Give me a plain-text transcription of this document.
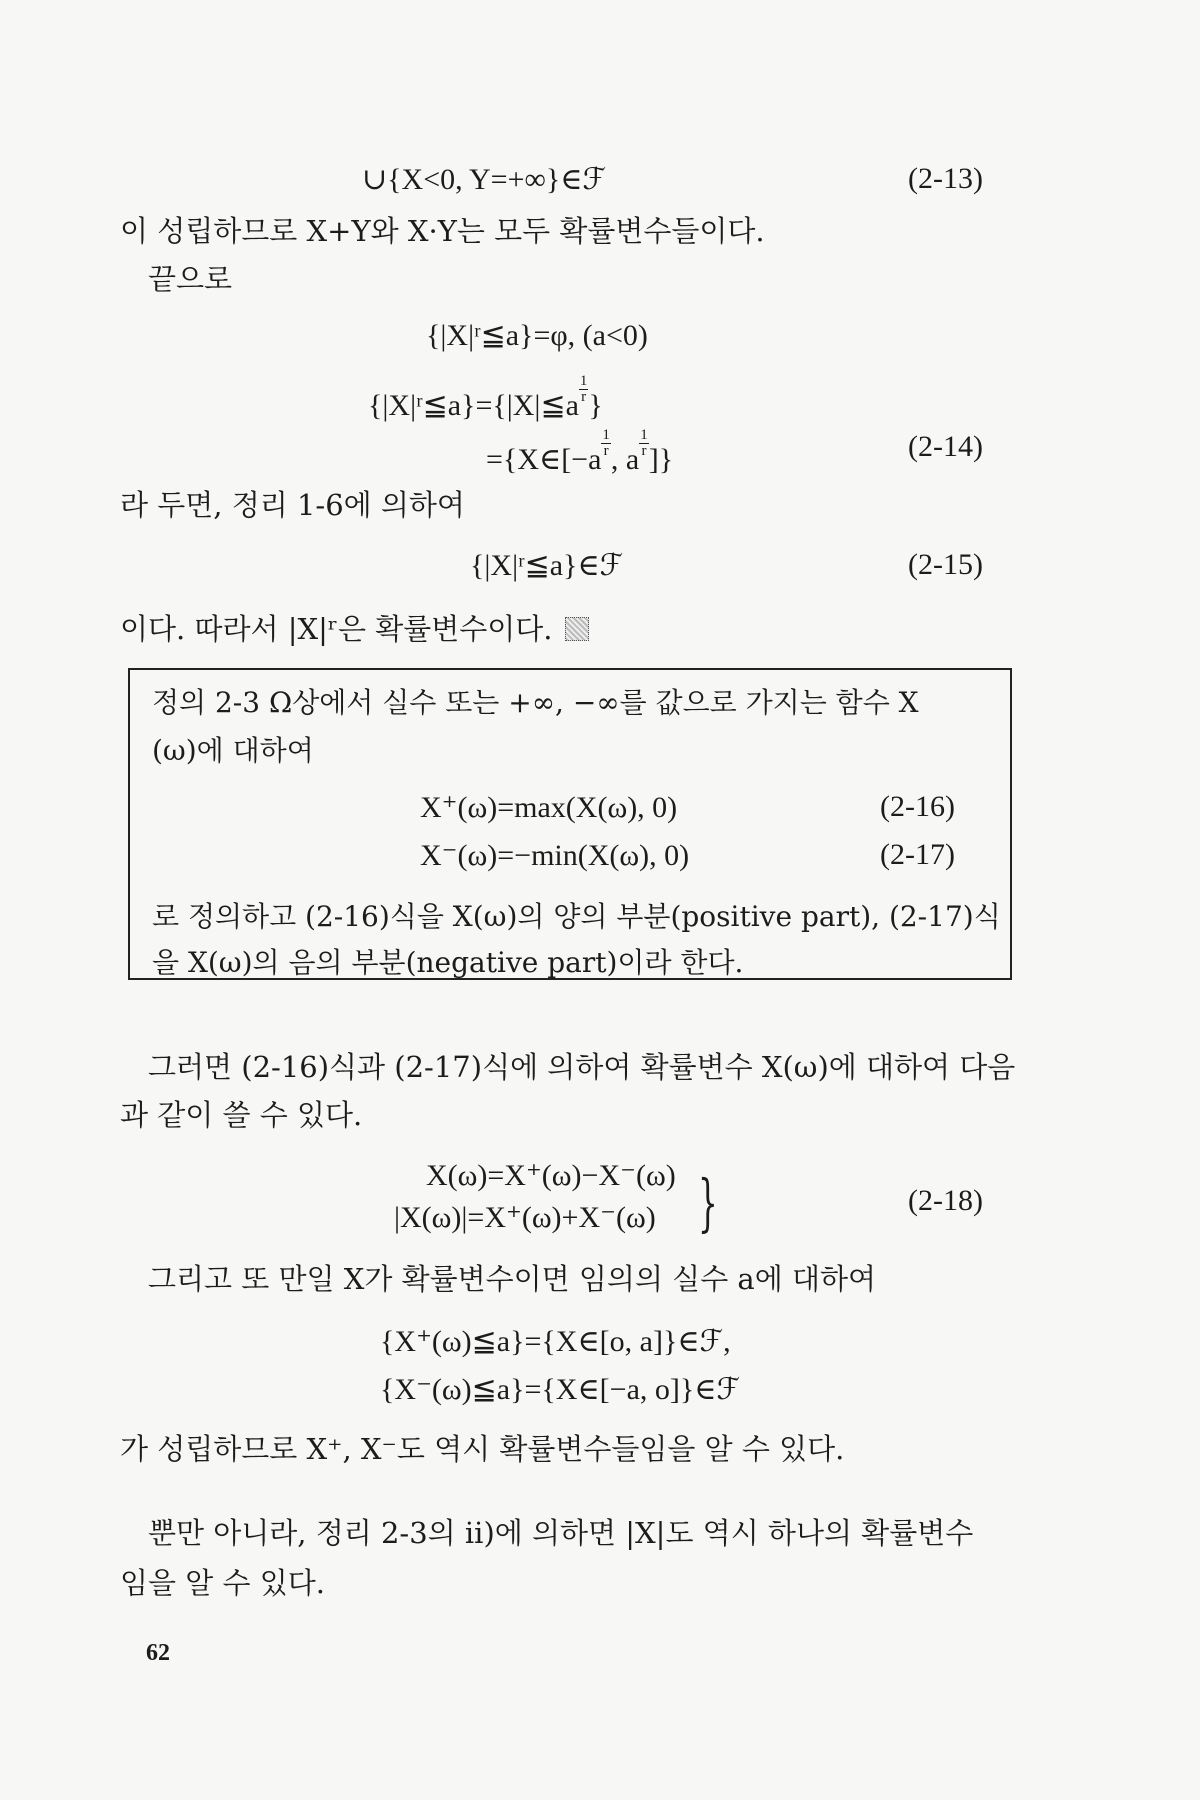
∪{X<0, Y=+∞}∈ℱ	(2-13)
이 성립하므로 X+Y와 X·Y는 모두 확률변수들이다.
끝으로
{|X|ʳ≦a}=φ, (a<0)
{|X|ʳ≦a}={|X|≦a $^{\frac{1}{r}}$ }
={X∈[−a $^{\frac{1}{r}}$ , a $^{\frac{1}{r}}$ ]}	(2-14)
라 두면, 정리 1-6에 의하여
{|X|ʳ≦a}∈ℱ	(2-15)
이다. 따라서 |X|ʳ은 확률변수이다.
정의 2-3 Ω상에서 실수 또는 +∞, −∞를 값으로 가지는 함수 X
(ω)에 대하여
X⁺(ω)=max(X(ω), 0)	(2-16)
X⁻(ω)=−min(X(ω), 0)	(2-17)
로 정의하고 (2-16)식을 X(ω)의 양의 부분(positive part), (2-17)식
을 X(ω)의 음의 부분(negative part)이라 한다.
그러면 (2-16)식과 (2-17)식에 의하여 확률변수 X(ω)에 대하여 다음
과 같이 쓸 수 있다.
X(ω)=X⁺(ω)−X⁻(ω)
|X(ω)|=X⁺(ω)+X⁻(ω) }	(2-18)
그리고 또 만일 X가 확률변수이면 임의의 실수 a에 대하여
{X⁺(ω)≦a}={X∈[o, a]}∈ℱ,
{X⁻(ω)≦a}={X∈[−a, o]}∈ℱ
가 성립하므로 X⁺, X⁻도 역시 확률변수들임을 알 수 있다.
뿐만 아니라, 정리 2-3의 ii)에 의하면 |X|도 역시 하나의 확률변수
임을 알 수 있다.
62
